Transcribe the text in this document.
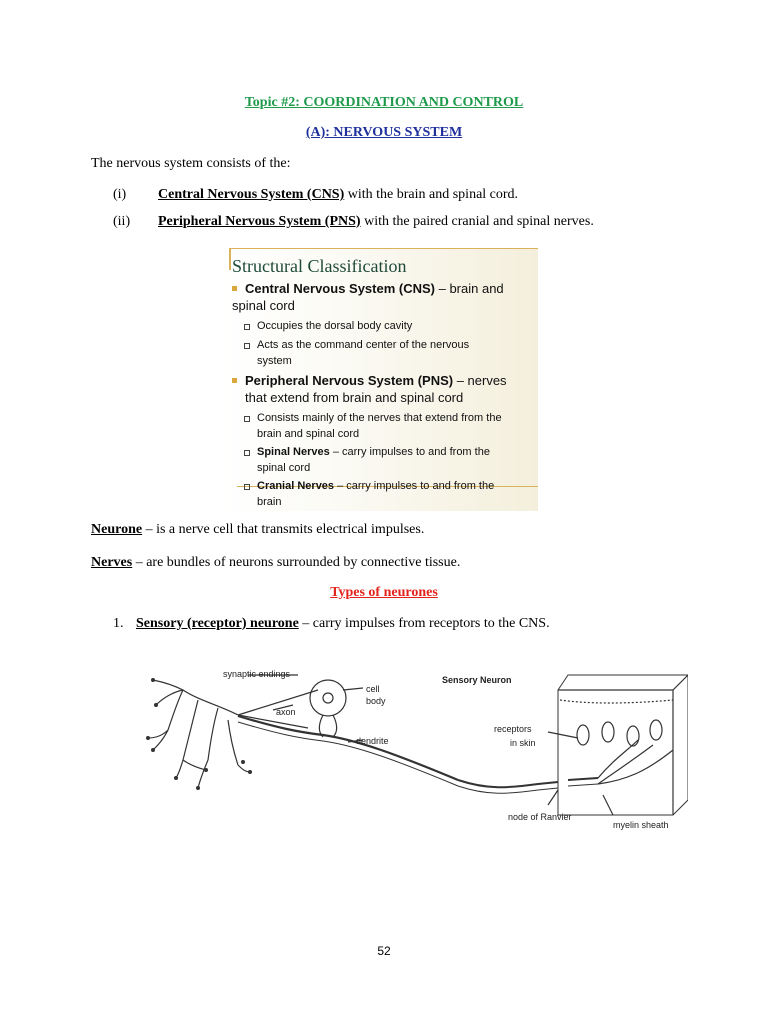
Topic #2: COORDINATION AND CONTROL
(A): NERVOUS SYSTEM
The nervous system consists of the:
(i) Central Nervous System (CNS) with the brain and spinal cord.
(ii) Peripheral Nervous System (PNS) with the paired cranial and spinal nerves.
Structural Classification
Central Nervous System (CNS) – brain and
spinal cord
Occupies the dorsal body cavity
Acts as the command center of the nervous
system
Peripheral Nervous System (PNS) – nerves
that extend from brain and spinal cord
Consists mainly of the nerves that extend from the
brain and spinal cord
Spinal Nerves – carry impulses to and from the
spinal cord
Cranial Nerves – carry impulses to and from the
brain
Neurone – is a nerve cell that transmits electrical impulses.
Nerves – are bundles of neurons surrounded by connective tissue.
Types of neurones
1. Sensory (receptor) neurone – carry impulses from receptors to the CNS.
synaptic endings
cell
body
axon
dendrite
Sensory Neuron
receptors
in skin
node of Ranvier
myelin sheath
52
